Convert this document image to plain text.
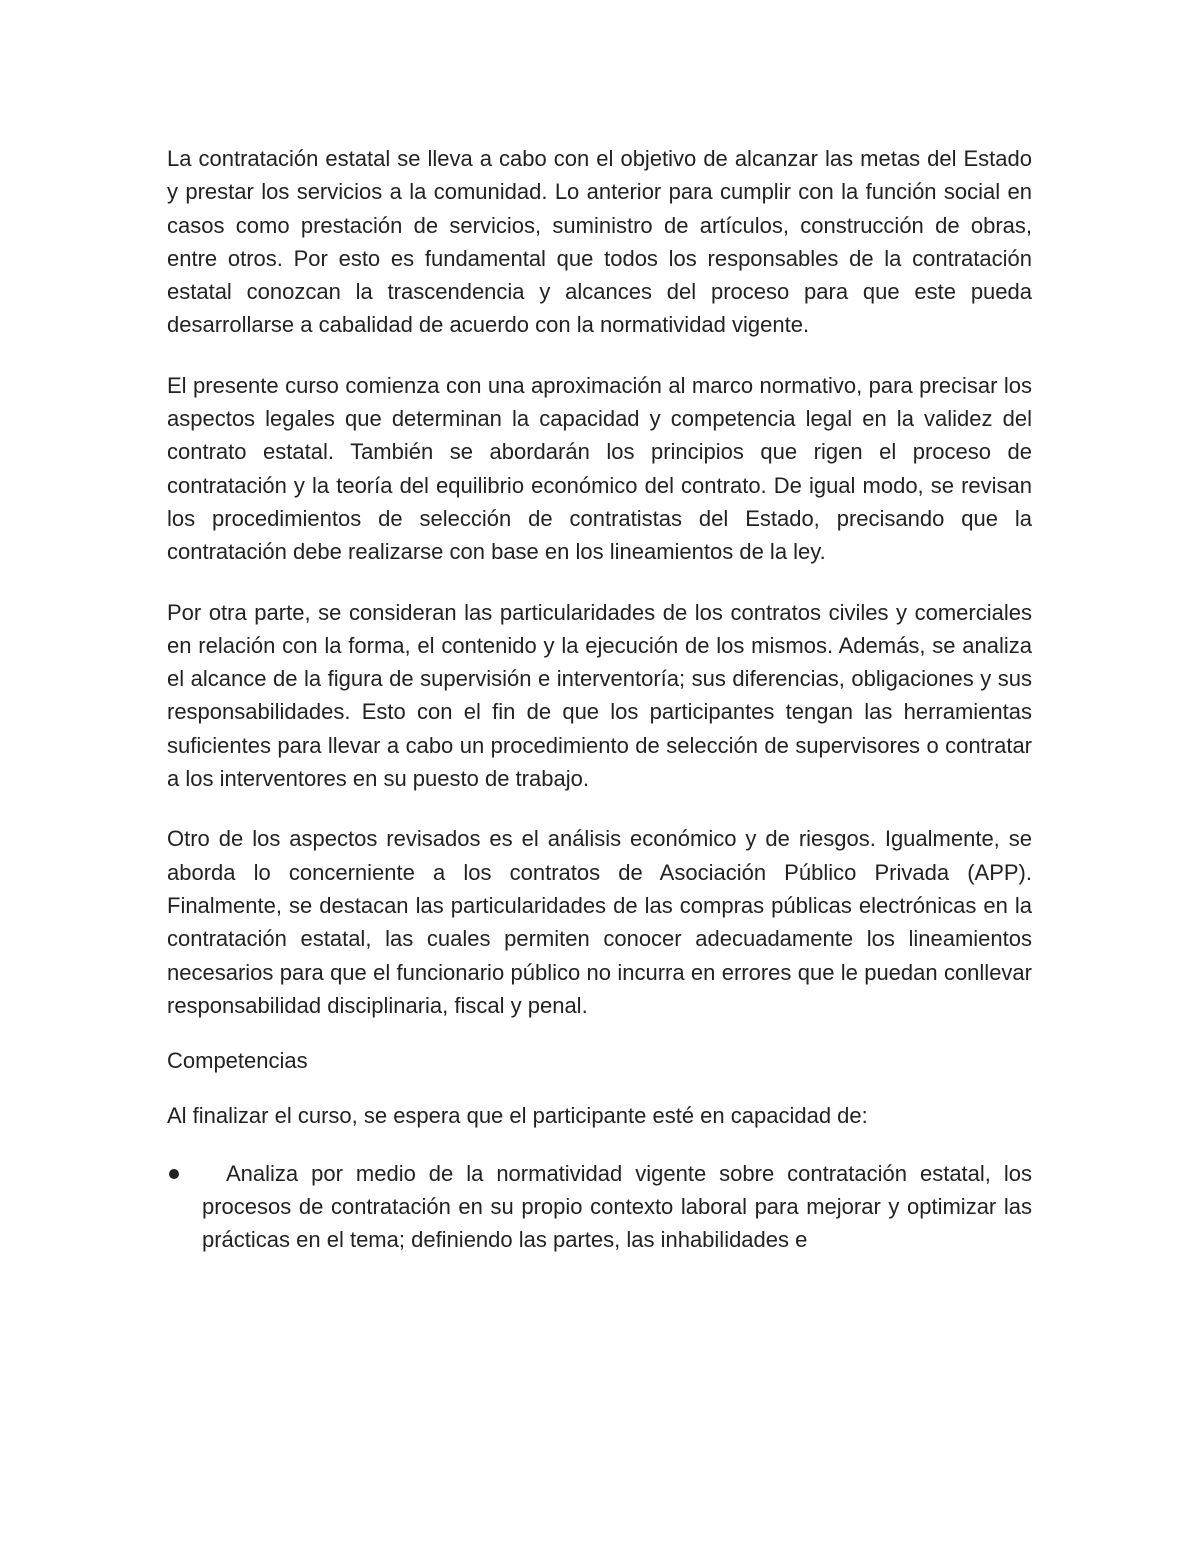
La contratación estatal se lleva a cabo con el objetivo de alcanzar las metas del Estado y prestar los servicios a la comunidad. Lo anterior para cumplir con la función social en casos como prestación de servicios, suministro de artículos, construcción de obras, entre otros. Por esto es fundamental que todos los responsables de la contratación estatal conozcan la trascendencia y alcances del proceso para que este pueda desarrollarse a cabalidad de acuerdo con la normatividad vigente.

El presente curso comienza con una aproximación al marco normativo, para precisar los aspectos legales que determinan la capacidad y competencia legal en la validez del contrato estatal. También se abordarán los principios que rigen el proceso de contratación y la teoría del equilibrio económico del contrato. De igual modo, se revisan los procedimientos de selección de contratistas del Estado, precisando que la contratación debe realizarse con base en los lineamientos de la ley.

Por otra parte, se consideran las particularidades de los contratos civiles y comerciales en relación con la forma, el contenido y la ejecución de los mismos. Además, se analiza el alcance de la figura de supervisión e interventoría; sus diferencias, obligaciones y sus responsabilidades. Esto con el fin de que los participantes tengan las herramientas suficientes para llevar a cabo un procedimiento de selección de supervisores o contratar a los interventores en su puesto de trabajo.

Otro de los aspectos revisados es el análisis económico y de riesgos. Igualmente, se aborda lo concerniente a los contratos de Asociación Público Privada (APP). Finalmente, se destacan las particularidades de las compras públicas electrónicas en la contratación estatal, las cuales permiten conocer adecuadamente los lineamientos necesarios para que el funcionario público no incurra en errores que le puedan conllevar responsabilidad disciplinaria, fiscal y penal.

Competencias

Al finalizar el curso, se espera que el participante esté en capacidad de:

Analiza por medio de la normatividad vigente sobre contratación estatal, los procesos de contratación en su propio contexto laboral para mejorar y optimizar las prácticas en el tema; definiendo las partes, las inhabilidades e
